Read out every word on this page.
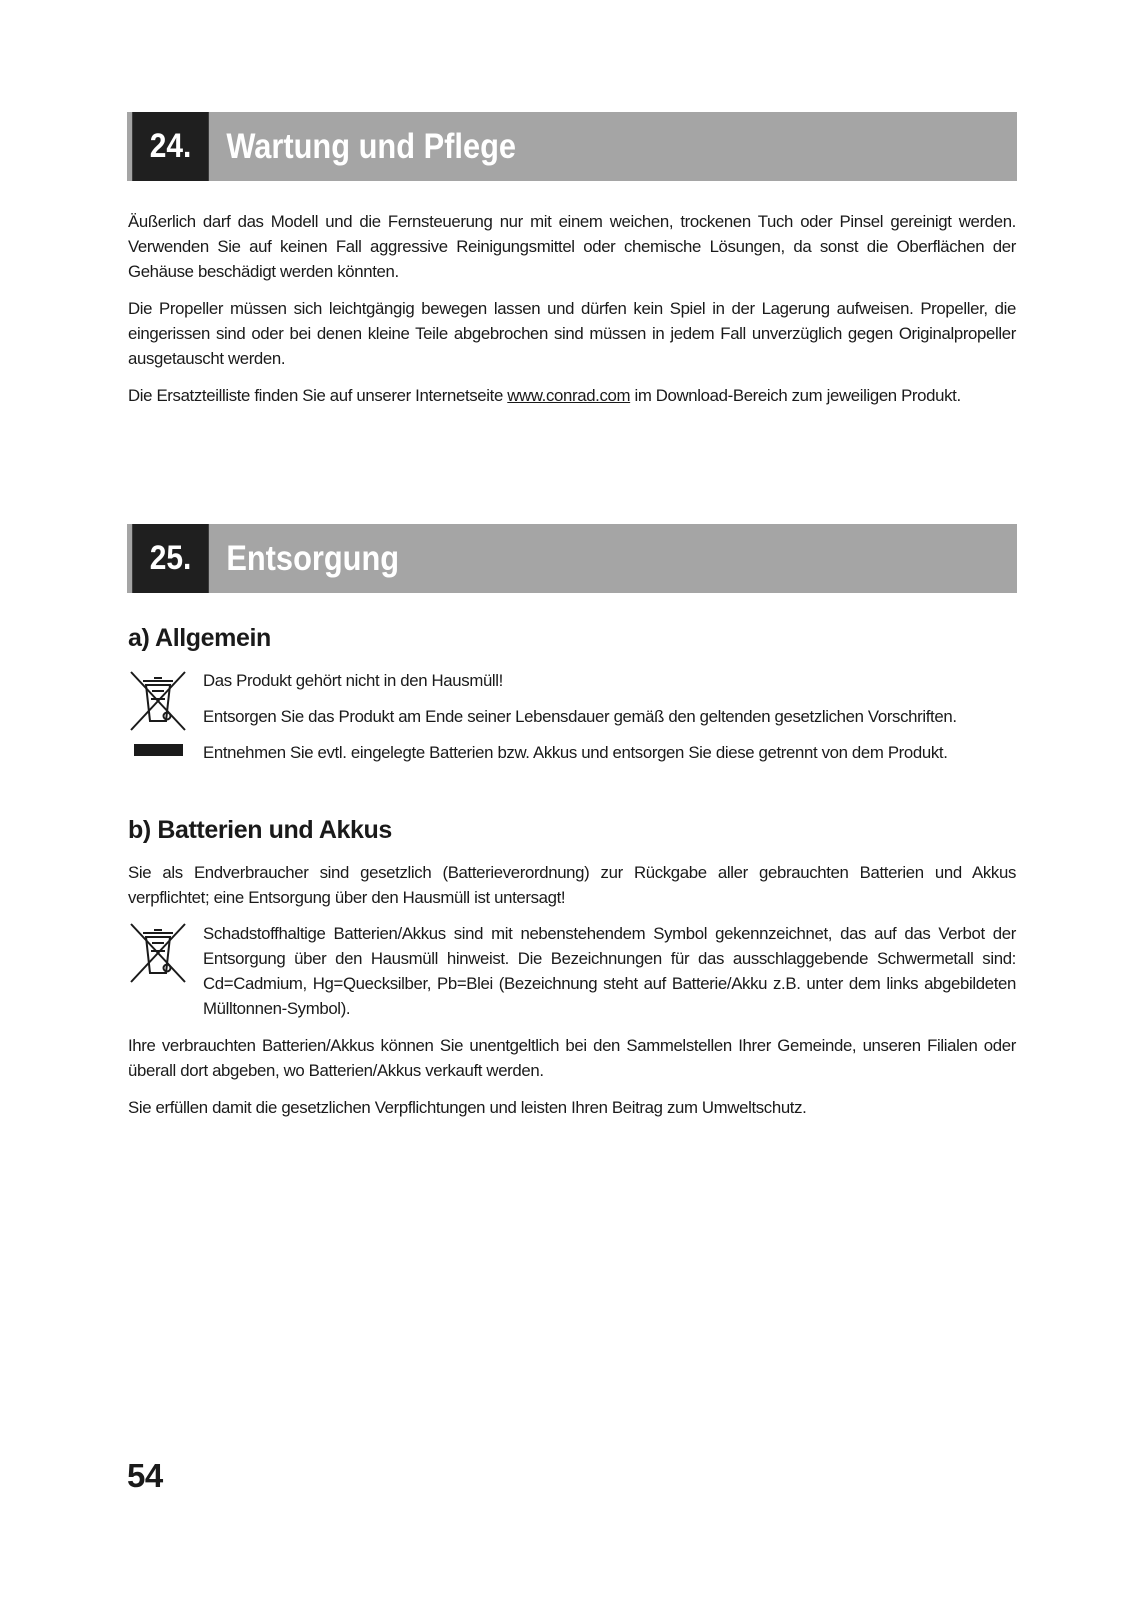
24.	Wartung und Pflege

Äußerlich darf das Modell und die Fernsteuerung nur mit einem weichen, trockenen Tuch oder Pinsel gereinigt werden. Verwenden Sie auf keinen Fall aggressive Reinigungsmittel oder chemische Lösungen, da sonst die Oberflächen der Gehäuse beschädigt werden könnten.

Die Propeller müssen sich leichtgängig bewegen lassen und dürfen kein Spiel in der Lagerung aufweisen. Propeller, die eingerissen sind oder bei denen kleine Teile abgebrochen sind müssen in jedem Fall unverzüglich gegen Originalpropeller ausgetauscht werden.

Die Ersatzteilliste finden Sie auf unserer Internetseite www.conrad.com im Download-Bereich zum jeweiligen Produkt.

25.	Entsorgung
a) Allgemein

Das Produkt gehört nicht in den Hausmüll!

Entsorgen Sie das Produkt am Ende seiner Lebensdauer gemäß den geltenden gesetzlichen Vorschriften.

Entnehmen Sie evtl. eingelegte Batterien bzw. Akkus und entsorgen Sie diese getrennt von dem Produkt.

b) Batterien und Akkus

Sie als Endverbraucher sind gesetzlich (Batterieverordnung) zur Rückgabe aller gebrauchten Batterien und Akkus verpflichtet; eine Entsorgung über den Hausmüll ist untersagt!

Schadstoffhaltige Batterien/Akkus sind mit nebenstehendem Symbol gekennzeichnet, das auf das Verbot der Entsorgung über den Hausmüll hinweist. Die Bezeichnungen für das ausschlaggebende Schwermetall sind: Cd=Cadmium, Hg=Quecksilber, Pb=Blei (Bezeichnung steht auf Batterie/Akku z.B. unter dem links abgebildeten Mülltonnen-Symbol).

Ihre verbrauchten Batterien/Akkus können Sie unentgeltlich bei den Sammelstellen Ihrer Gemeinde, unseren Filialen oder überall dort abgeben, wo Batterien/Akkus verkauft werden.

Sie erfüllen damit die gesetzlichen Verpflichtungen und leisten Ihren Beitrag zum Umweltschutz.

54
